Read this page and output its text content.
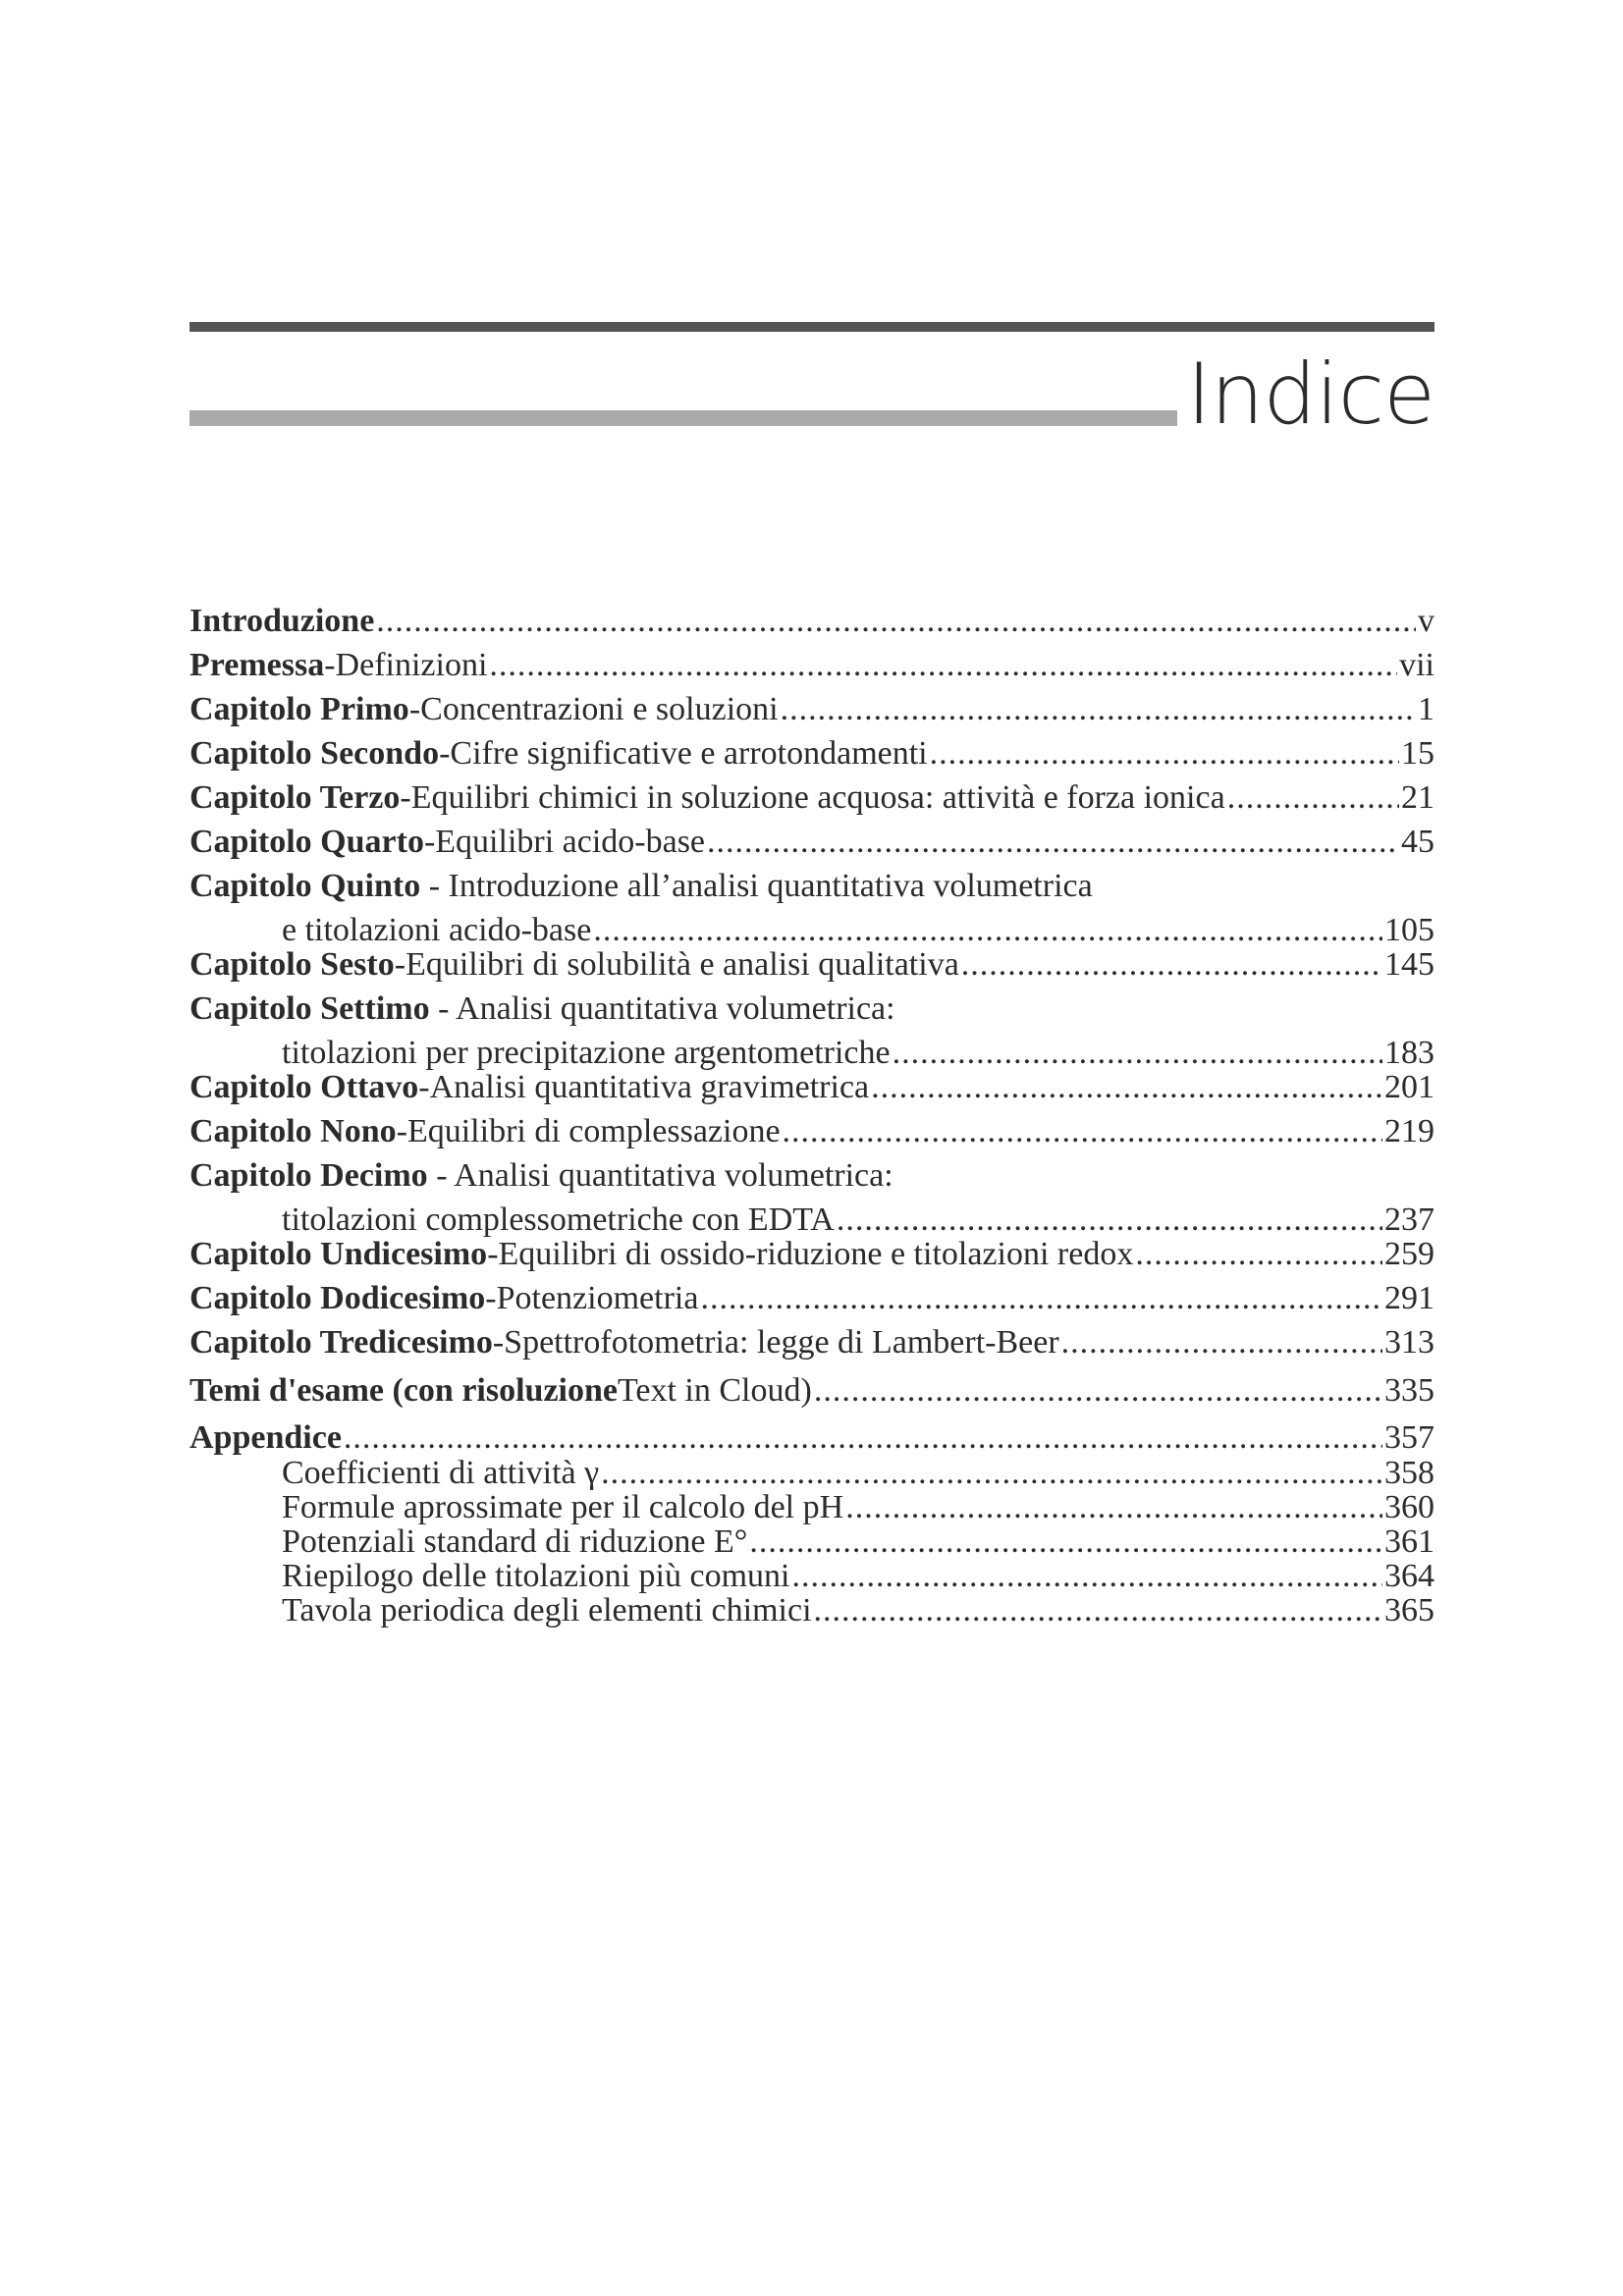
Indice
Introduzione .....	v
Premessa - Definizioni .....	vii
Capitolo Primo - Concentrazioni e soluzioni .....	1
Capitolo Secondo - Cifre significative e arrotondamenti .....	15
Capitolo Terzo - Equilibri chimici in soluzione acquosa: attività e forza ionica .....	21
Capitolo Quarto - Equilibri acido-base .....	45
Capitolo Quinto - Introduzione all’analisi quantitativa volumetrica
e titolazioni acido-base .....	105
Capitolo Sesto - Equilibri di solubilità e analisi qualitativa .....	145
Capitolo Settimo - Analisi quantitativa volumetrica:
titolazioni per precipitazione argentometriche .....	183
Capitolo Ottavo - Analisi quantitativa gravimetrica .....	201
Capitolo Nono - Equilibri di complessazione .....	219
Capitolo Decimo - Analisi quantitativa volumetrica:
titolazioni complessometriche con EDTA .....	237
Capitolo Undicesimo - Equilibri di ossido-riduzione e titolazioni redox .....	259
Capitolo Dodicesimo - Potenziometria .....	291
Capitolo Tredicesimo - Spettrofotometria: legge di Lambert-Beer .....	313
Temi d'esame (con risoluzione Text in Cloud) .....	335
Appendice .....	357
Coefficienti di attività γ .....	358
Formule aprossimate per il calcolo del pH .....	360
Potenziali standard di riduzione E° .....	361
Riepilogo delle titolazioni più comuni .....	364
Tavola periodica degli elementi chimici .....	365
